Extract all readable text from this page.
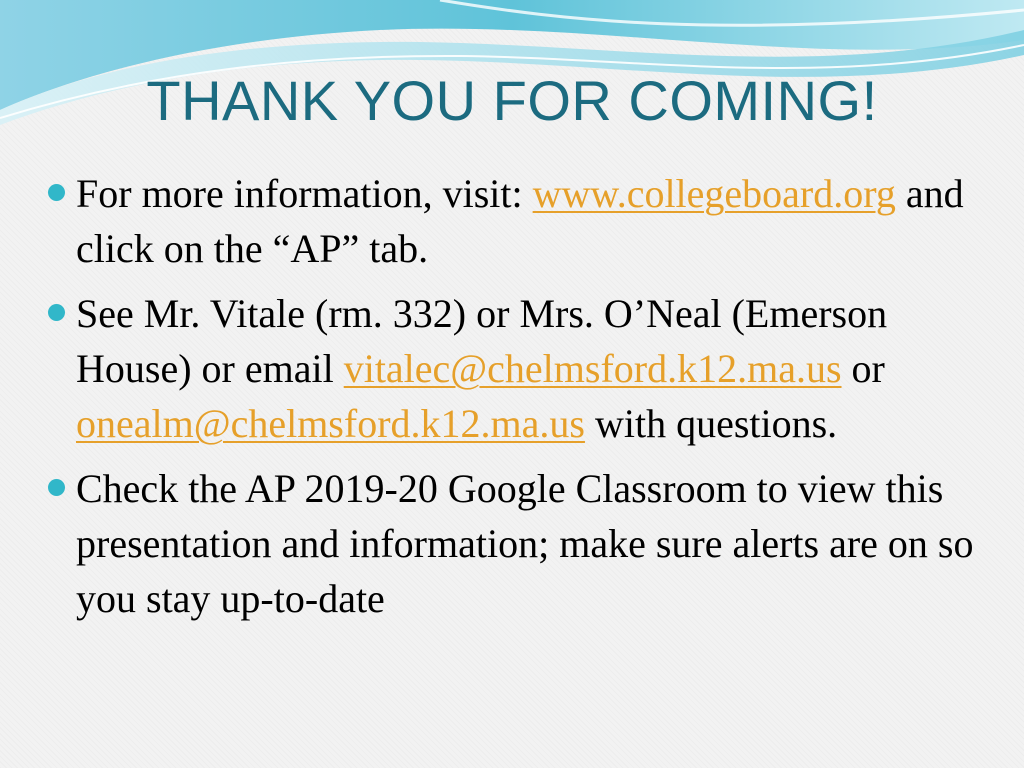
THANK YOU FOR COMING!
For more information, visit: www.collegeboard.org and click on the “AP” tab.
See Mr. Vitale (rm. 332) or Mrs. O’Neal (Emerson House) or email vitalec@chelmsford.k12.ma.us or onealm@chelmsford.k12.ma.us with questions.
Check the AP 2019-20 Google Classroom to view this presentation and information; make sure alerts are on so you stay up-to-date
